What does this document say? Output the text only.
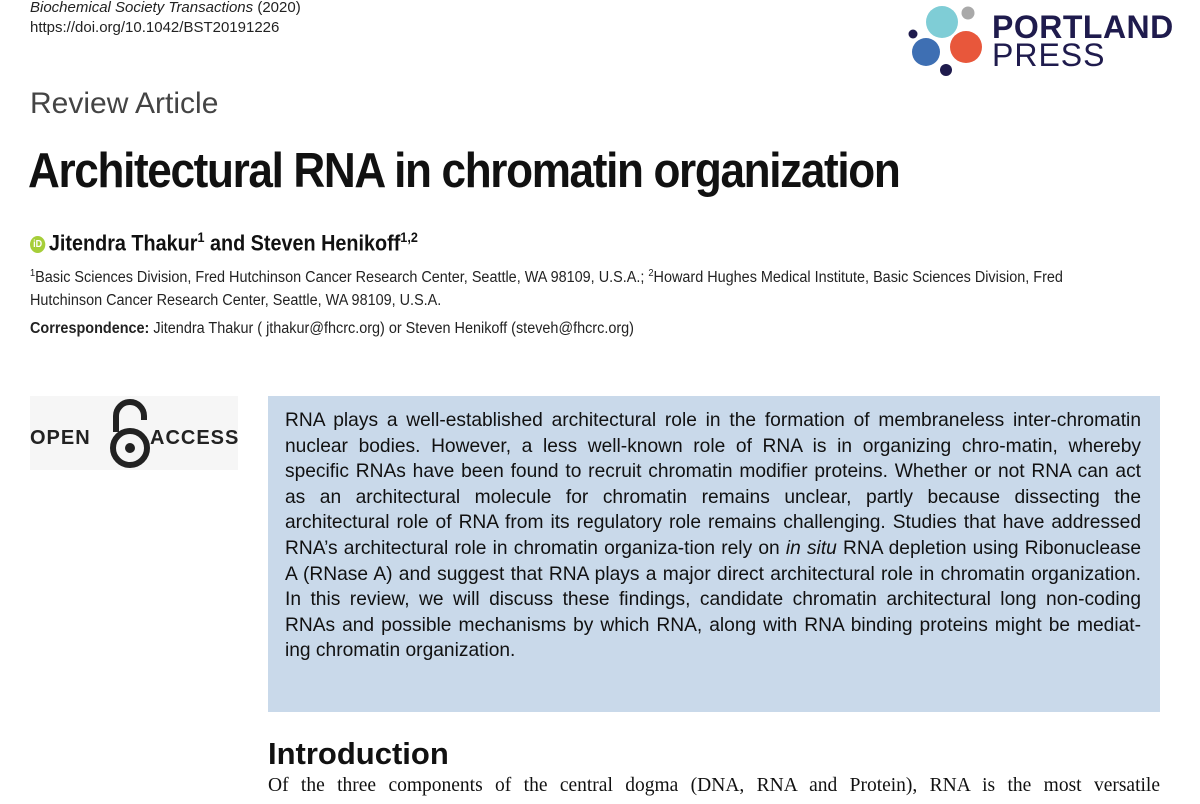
Biochemical Society Transactions (2020)
https://doi.org/10.1042/BST20191226	PORTLAND
PRESS
Review Article
Architectural RNA in chromatin organization
iD Jitendra Thakur$^1$ and Steven Henikoff$^{1,2}$
$^1$Basic Sciences Division, Fred Hutchinson Cancer Research Center, Seattle, WA 98109, U.S.A.; $^2$Howard Hughes Medical Institute, Basic Sciences Division, Fred Hutchinson Cancer Research Center, Seattle, WA 98109, U.S.A.
Correspondence: Jitendra Thakur ( jthakur@fhcrc.org) or Steven Henikoff (steveh@fhcrc.org)
OPEN	ACCESS
RNA plays a well-established architectural role in the formation of membraneless inter-chromatin nuclear bodies. However, a less well-known role of RNA is in organizing chro-matin, whereby specific RNAs have been found to recruit chromatin modifier proteins. Whether or not RNA can act as an architectural molecule for chromatin remains unclear, partly because dissecting the architectural role of RNA from its regulatory role remains challenging. Studies that have addressed RNA’s architectural role in chromatin organiza-tion rely on in situ RNA depletion using Ribonuclease A (RNase A) and suggest that RNA plays a major direct architectural role in chromatin organization. In this review, we will discuss these findings, candidate chromatin architectural long non-coding RNAs and possible mechanisms by which RNA, along with RNA binding proteins might be mediat-ing chromatin organization.
Introduction
Of the three components of the central dogma (DNA, RNA and Protein), RNA is the most versatile
